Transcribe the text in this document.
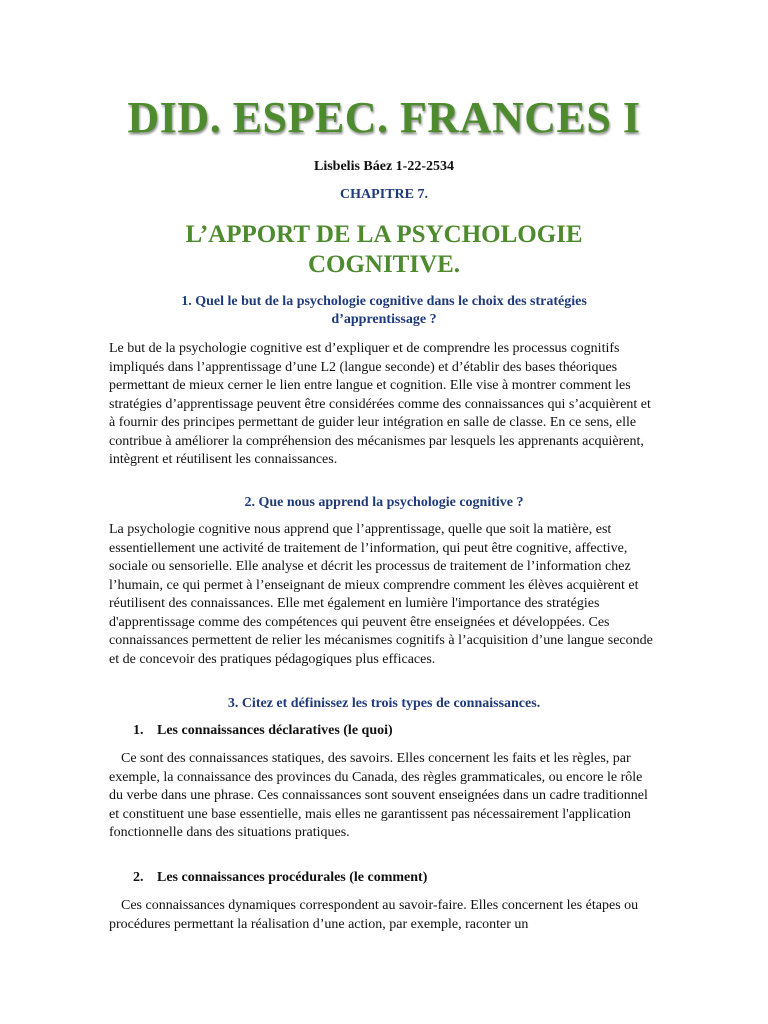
DID. ESPEC. FRANCES I

Lisbelis Báez 1-22-2534

CHAPITRE 7.

L’APPORT DE LA PSYCHOLOGIE COGNITIVE.
1. Quel le but de la psychologie cognitive dans le choix des stratégies d’apprentissage ?

Le but de la psychologie cognitive est d’expliquer et de comprendre les processus cognitifs impliqués dans l’apprentissage d’une L2 (langue seconde) et d’établir des bases théoriques permettant de mieux cerner le lien entre langue et cognition. Elle vise à montrer comment les stratégies d’apprentissage peuvent être considérées comme des connaissances qui s’acquièrent et à fournir des principes permettant de guider leur intégration en salle de classe. En ce sens, elle contribue à améliorer la compréhension des mécanismes par lesquels les apprenants acquièrent, intègrent et réutilisent les connaissances.

2. Que nous apprend la psychologie cognitive ?

La psychologie cognitive nous apprend que l’apprentissage, quelle que soit la matière, est essentiellement une activité de traitement de l’information, qui peut être cognitive, affective, sociale ou sensorielle. Elle analyse et décrit les processus de traitement de l’information chez l’humain, ce qui permet à l’enseignant de mieux comprendre comment les élèves acquièrent et réutilisent des connaissances. Elle met également en lumière l'importance des stratégies d'apprentissage comme des compétences qui peuvent être enseignées et développées. Ces connaissances permettent de relier les mécanismes cognitifs à l’acquisition d’une langue seconde et de concevoir des pratiques pédagogiques plus efficaces.

3. Citez et définissez les trois types de connaissances.

1. Les connaissances déclaratives (le quoi)

Ce sont des connaissances statiques, des savoirs. Elles concernent les faits et les règles, par exemple, la connaissance des provinces du Canada, des règles grammaticales, ou encore le rôle du verbe dans une phrase. Ces connaissances sont souvent enseignées dans un cadre traditionnel et constituent une base essentielle, mais elles ne garantissent pas nécessairement l'application fonctionnelle dans des situations pratiques.

2. Les connaissances procédurales (le comment)

Ces connaissances dynamiques correspondent au savoir-faire. Elles concernent les étapes ou procédures permettant la réalisation d’une action, par exemple, raconter un
